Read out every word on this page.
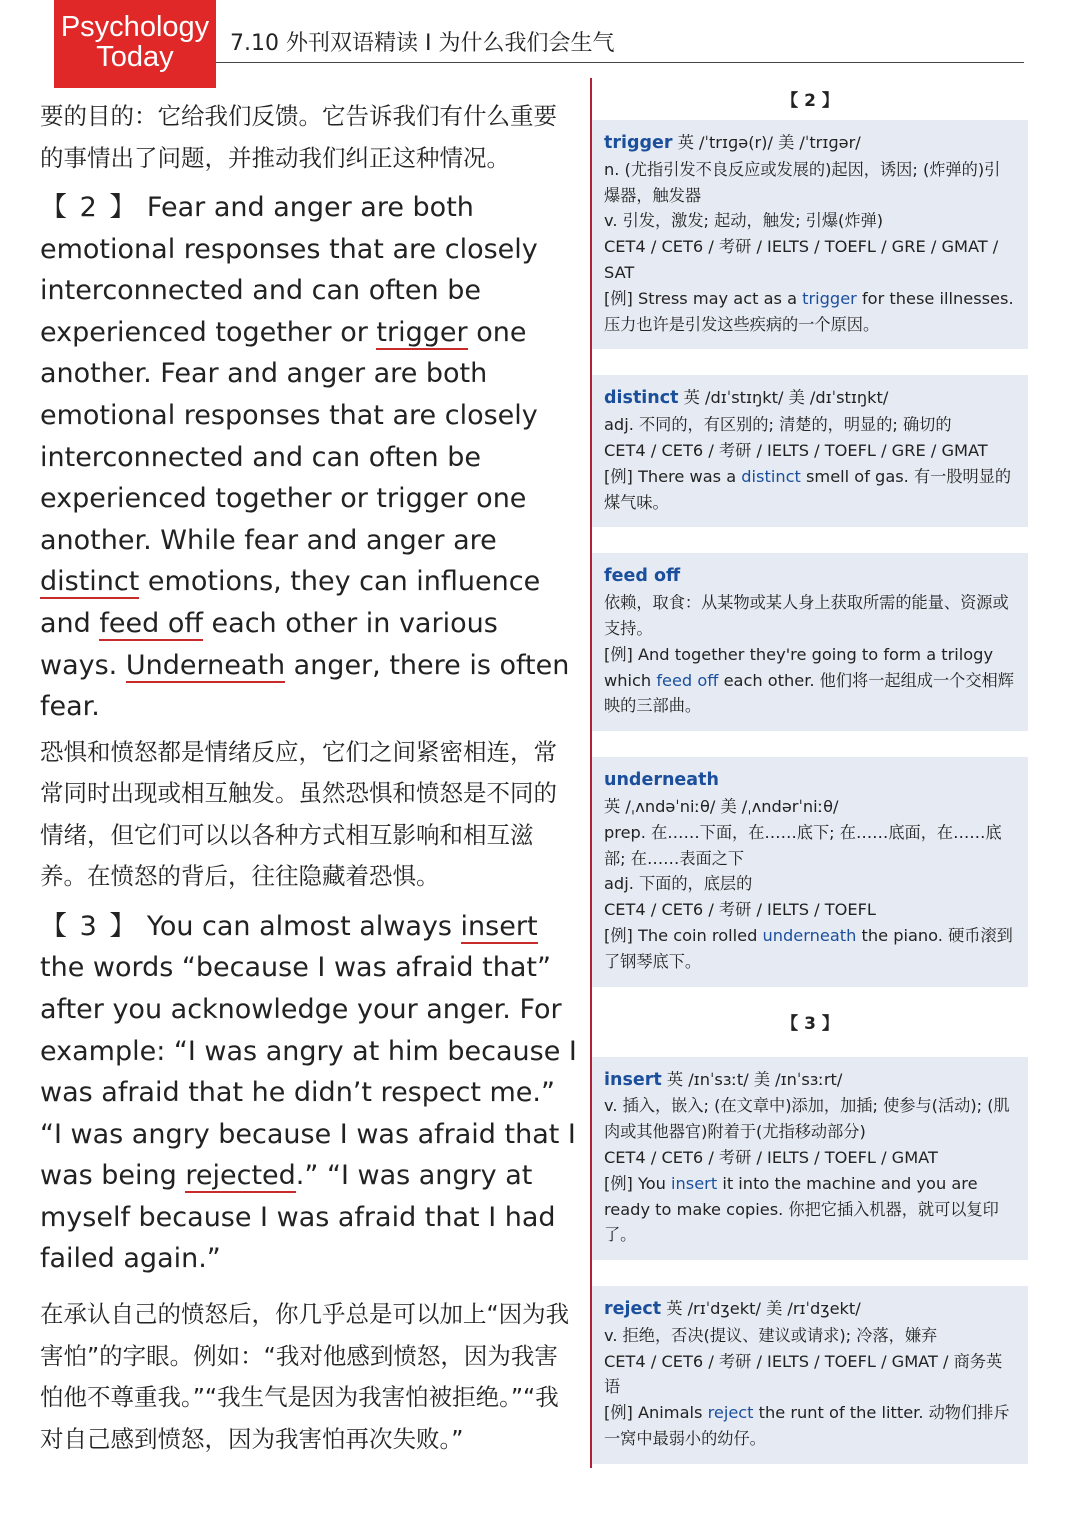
Psychology
Today	7.10 外刊双语精读 I 为什么我们会生气

要的目的：它给我们反馈。它告诉我们有什么重要的事情出了问题，并推动我们纠正这种情况。

【 2 】 Fear and anger are both emotional responses that are closely interconnected and can often be experienced together or trigger one another. Fear and anger are both emotional responses that are closely interconnected and can often be experienced together or trigger one another. While fear and anger are distinct emotions, they can influence and feed off each other in various ways. Underneath anger, there is often fear.

恐惧和愤怒都是情绪反应，它们之间紧密相连，常常同时出现或相互触发。虽然恐惧和愤怒是不同的情绪，但它们可以以各种方式相互影响和相互滋养。在愤怒的背后，往往隐藏着恐惧。

【 3 】 You can almost always insert the words “because I was afraid that” after you acknowledge your anger. For example: “I was angry at him because I was afraid that he didn’t respect me.” “I was angry because I was afraid that I was being rejected.” “I was angry at myself because I was afraid that I had failed again.”

在承认自己的愤怒后，你几乎总是可以加上“因为我害怕”的字眼。例如：“我对他感到愤怒，因为我害怕他不尊重我。”“我生气是因为我害怕被拒绝。”“我对自己感到愤怒，因为我害怕再次失败。”

【 2 】

trigger 英 /ˈtrɪɡə(r)/ 美 /ˈtrɪɡər/

n. (尤指引发不良反应或发展的)起因，诱因; (炸弹的)引爆器，触发器

v. 引发，激发; 起动，触发; 引爆(炸弹)

CET4 / CET6 / 考研 / IELTS / TOEFL / GRE / GMAT / SAT

[例] Stress may act as a trigger for these illnesses. 压力也许是引发这些疾病的一个原因。

distinct 英 /dɪˈstɪŋkt/ 美 /dɪˈstɪŋkt/

adj. 不同的，有区别的; 清楚的，明显的; 确切的

CET4 / CET6 / 考研 / IELTS / TOEFL / GRE / GMAT

[例] There was a distinct smell of gas. 有一股明显的煤气味。

feed off

依赖，取食：从某物或某人身上获取所需的能量、资源或支持。

[例] And together they're going to form a trilogy which feed off each other. 他们将一起组成一个交相辉映的三部曲。

underneath

英 /ˌʌndəˈniːθ/ 美 /ˌʌndərˈniːθ/

prep. 在……下面，在……底下; 在……底面，在……底部; 在……表面之下

adj. 下面的，底层的

CET4 / CET6 / 考研 / IELTS / TOEFL

[例] The coin rolled underneath the piano. 硬币滚到了钢琴底下。

【 3 】

insert 英 /ɪnˈsɜːt/ 美 /ɪnˈsɜːrt/

v. 插入，嵌入; (在文章中)添加，加插; 使参与(活动); (肌肉或其他器官)附着于(尤指移动部分)

CET4 / CET6 / 考研 / IELTS / TOEFL / GMAT

[例] You insert it into the machine and you are ready to make copies. 你把它插入机器，就可以复印了。

reject 英 /rɪˈdʒekt/ 美 /rɪˈdʒekt/

v. 拒绝，否决(提议、建议或请求); 冷落，嫌弃

CET4 / CET6 / 考研 / IELTS / TOEFL / GMAT / 商务英语

[例] Animals reject the runt of the litter. 动物们排斥一窝中最弱小的幼仔。
